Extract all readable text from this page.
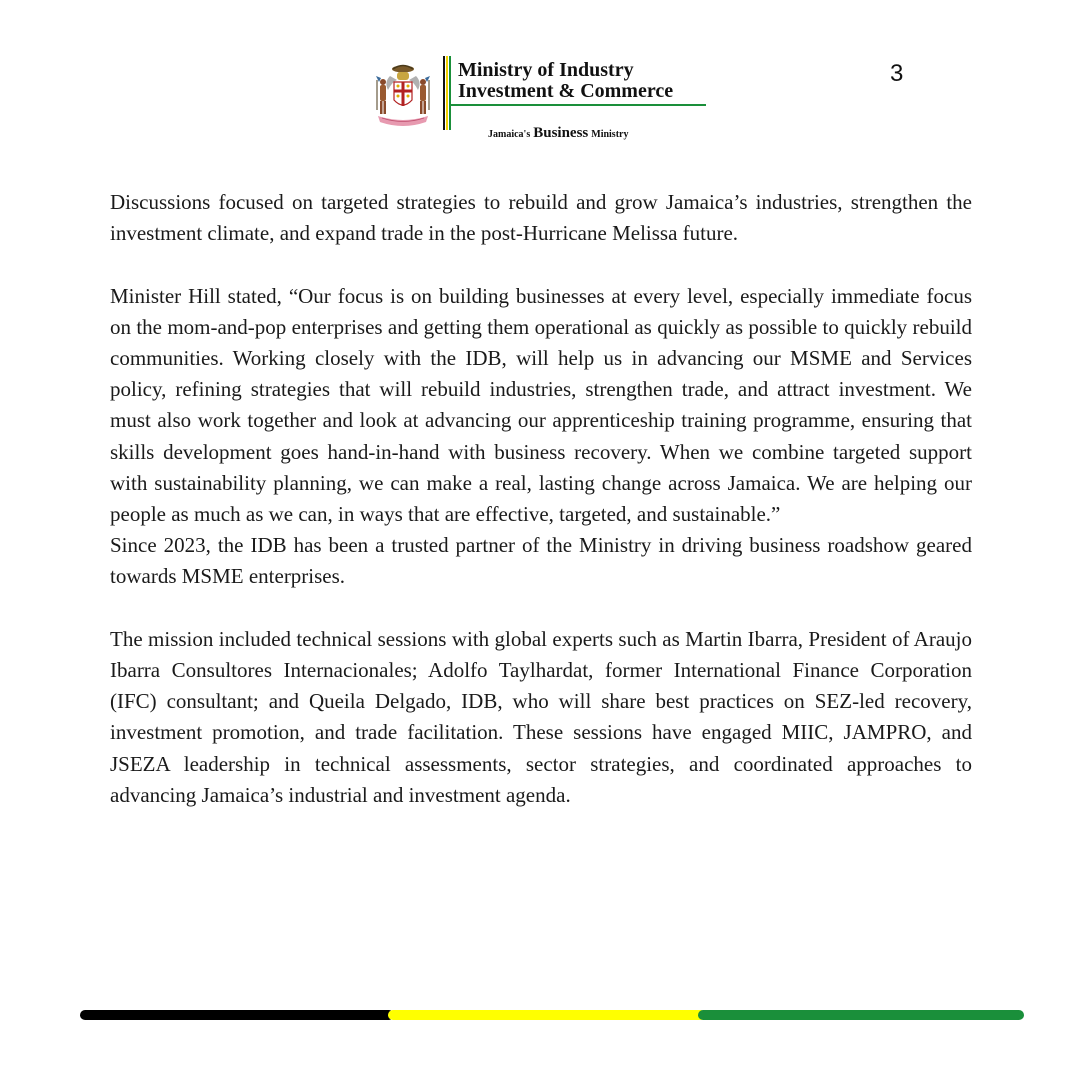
Ministry of Industry
Investment & Commerce
Jamaica's Business Ministry
3

Discussions focused on targeted strategies to rebuild and grow Jamaica’s industries, strengthen the investment climate, and expand trade in the post-Hurricane Melissa future.

Minister Hill stated, “Our focus is on building businesses at every level, especially immediate focus on the mom-and-pop enterprises and getting them operational as quickly as possible to quickly rebuild communities. Working closely with the IDB, will help us in advancing our MSME and Services policy, refining strategies that will rebuild industries, strengthen trade, and attract investment. We must also work together and look at advancing our apprenticeship training programme, ensuring that skills development goes hand-in-hand with business recovery. When we combine targeted support with sustainability planning, we can make a real, lasting change across Jamaica. We are helping our people as much as we can, in ways that are effective, targeted, and sustainable.”

Since 2023, the IDB has been a trusted partner of the Ministry in driving business roadshow geared towards MSME enterprises.

The mission included technical sessions with global experts such as Martin Ibarra, President of Araujo Ibarra Consultores Internacionales; Adolfo Taylhardat, former International Finance Corporation (IFC) consultant; and Queila Delgado, IDB, who will share best practices on SEZ-led recovery, investment promotion, and trade facilitation. These sessions have engaged MIIC, JAMPRO, and JSEZA leadership in technical assessments, sector strategies, and coordinated approaches to advancing Jamaica’s industrial and investment agenda.
